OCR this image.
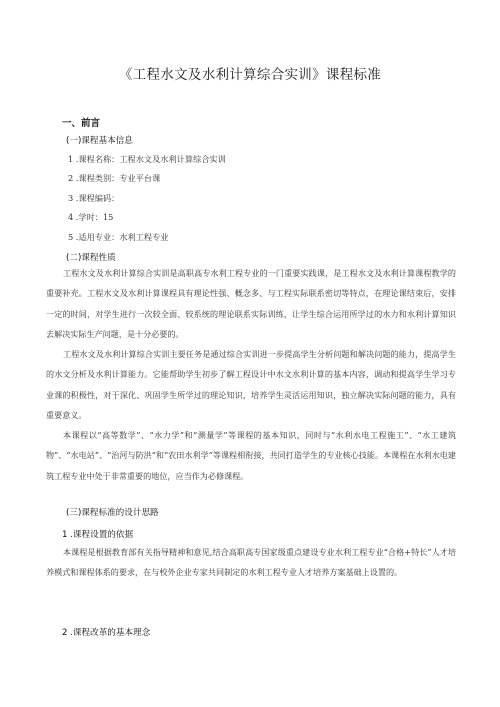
《工程水文及水利计算综合实训》课程标准
一、前言
(一)课程基本信息
1 .课程名称：工程水文及水利计算综合实训
2 .课程类别：专业平台课
3 .课程编码：
4 .学时：15
5 .适用专业：水利工程专业
(二)课程性质
工程水文及水利计算综合实训是高职高专水利工程专业的一门重要实践课，是工程水文及水利计算课程教学的重要补充。工程水文及水利计算课程具有理论性强、概念多、与工程实际联系密切等特点，在理论课结束后，安排一定的时间，对学生进行一次较全面、较系统的理论联系实际训练，让学生综合运用所学过的水力和水利计算知识去解决实际生产问题，是十分必要的。
工程水文及水利计算综合实训主要任务是通过综合实训进一步提高学生分析问题和解决问题的能力，提高学生的水文分析及水利计算能力。它能帮助学生初步了解工程设计中水文水利计算的基本内容，调动和提高学生学习专业课的积极性，对于深化、巩固学生所学过的理论知识，培养学生灵活运用知识，独立解决实际问题的能力，具有重要意义。
本课程以“高等数学”、“水力学”和“测量学”等课程的基本知识，同时与“水利水电工程施工”、“水工建筑物”、“水电站”、“治河与防洪”和“农田水利学”等课程相衔接，共同打造学生的专业核心技能。本课程在水利水电建筑工程专业中处于非常重要的地位，应当作为必修课程。
(三)课程标准的设计思路
1 .课程设置的依据
本课程是根据教育部有关指导精神和意见,结合高职高专国家级重点建设专业水利工程专业“合格+特长”人才培养模式和课程体系的要求，在与校外企业专家共同制定的水利工程专业人才培养方案基础上设置的。
2 .课程改革的基本理念
